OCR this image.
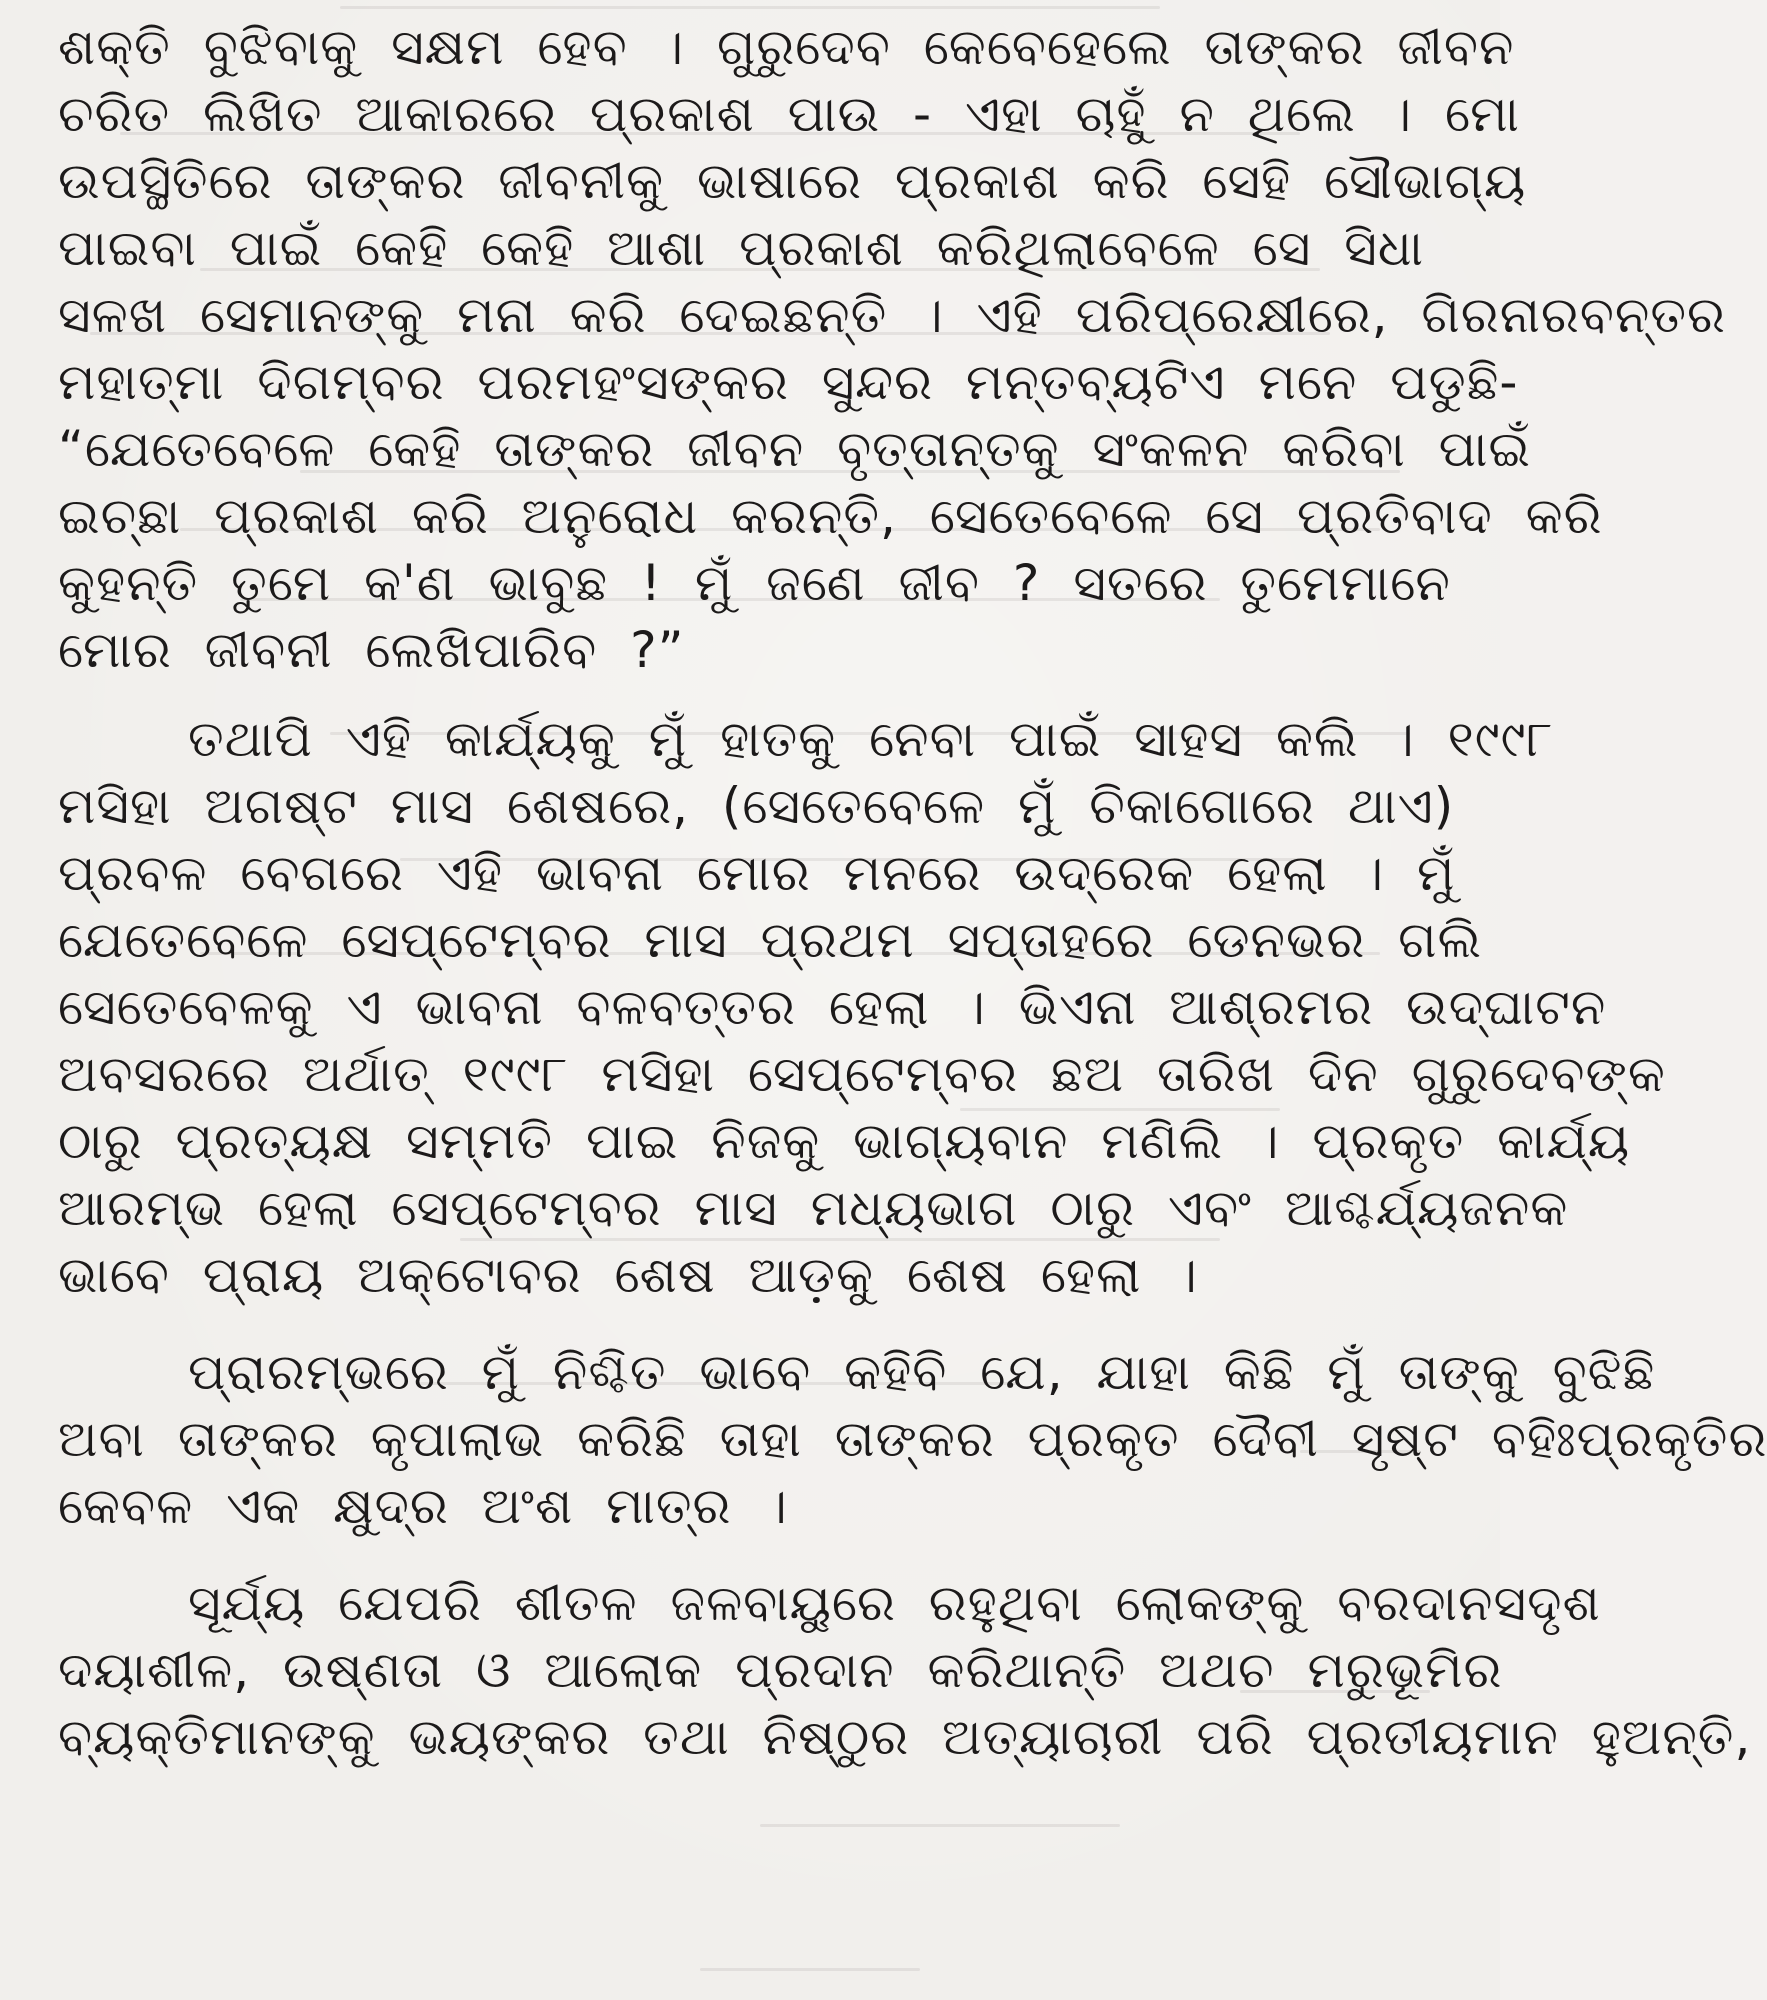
ଶକ୍ତି ବୁଝିବାକୁ ସକ୍ଷମ ହେବ । ଗୁରୁଦେବ କେବେହେଲେ ତାଙ୍କର ଜୀବନ
ଚରିତ ଲିଖିତ ଆକାରରେ ପ୍ରକାଶ ପାଉ - ଏହା ଚାହୁଁ ନ ଥିଲେ । ମୋ
ଉପସ୍ଥିତିରେ ତାଙ୍କର ଜୀବନୀକୁ ଭାଷାରେ ପ୍ରକାଶ କରି ସେହି ସୌଭାଗ୍ୟ
ପାଇବା ପାଇଁ କେହି କେହି ଆଶା ପ୍ରକାଶ କରିଥିଲାବେଳେ ସେ ସିଧା
ସଳଖ ସେମାନଙ୍କୁ ମନା କରି ଦେଇଛନ୍ତି । ଏହି ପରିପ୍ରେକ୍ଷୀରେ, ଗିରନାରବନ୍ତର
ମହାତ୍ମା ଦିଗମ୍ବର ପରମହଂସଙ୍କର ସୁନ୍ଦର ମନ୍ତବ୍ୟଟିଏ ମନେ ପଡୁଛି-
“ଯେତେବେଳେ କେହି ତାଙ୍କର ଜୀବନ ବୃତ୍ତାନ୍ତକୁ ସଂକଳନ କରିବା ପାଇଁ
ଇଚ୍ଛା ପ୍ରକାଶ କରି ଅନୁରୋଧ କରନ୍ତି, ସେତେବେଳେ ସେ ପ୍ରତିବାଦ କରି
କୁହନ୍ତି ତୁମେ କ'ଣ ଭାବୁଛ ! ମୁଁ ଜଣେ ଜୀବ ? ସତରେ ତୁମେମାନେ
ମୋର ଜୀବନୀ ଲେଖିପାରିବ ?”
ତଥାପି ଏହି କାର୍ଯ୍ୟକୁ ମୁଁ ହାତକୁ ନେବା ପାଇଁ ସାହସ କଲି । ୧୯୯୮
ମସିହା ଅଗଷ୍ଟ ମାସ ଶେଷରେ, (ସେତେବେଳେ ମୁଁ ଚିକାଗୋରେ ଥାଏ)
ପ୍ରବଳ ବେଗରେ ଏହି ଭାବନା ମୋର ମନରେ ଉଦ୍ରେକ ହେଲା । ମୁଁ
ଯେତେବେଳେ ସେପ୍ଟେମ୍ବର ମାସ ପ୍ରଥମ ସପ୍ତାହରେ ଡେନଭର ଗଲି
ସେତେବେଳକୁ ଏ ଭାବନା ବଳବତ୍ତର ହେଲା । ଭିଏନା ଆଶ୍ରମର ଉଦ୍‌ଘାଟନ
ଅବସରରେ ଅର୍ଥାତ୍ ୧୯୯୮ ମସିହା ସେପ୍ଟେମ୍ବର ଛଅ ତାରିଖ ଦିନ ଗୁରୁଦେବଙ୍କ
ଠାରୁ ପ୍ରତ୍ୟକ୍ଷ ସମ୍ମତି ପାଇ ନିଜକୁ ଭାଗ୍ୟବାନ ମଣିଲି । ପ୍ରକୃତ କାର୍ଯ୍ୟ
ଆରମ୍ଭ ହେଲା ସେପ୍ଟେମ୍ବର ମାସ ମଧ୍ୟଭାଗ ଠାରୁ ଏବଂ ଆଶ୍ଚର୍ଯ୍ୟଜନକ
ଭାବେ ପ୍ରାୟ ଅକ୍ଟୋବର ଶେଷ ଆଡ଼କୁ ଶେଷ ହେଲା ।
ପ୍ରାରମ୍ଭରେ ମୁଁ ନିଶ୍ଚିତ ଭାବେ କହିବି ଯେ, ଯାହା କିଛି ମୁଁ ତାଙ୍କୁ ବୁଝିଛି
ଅବା ତାଙ୍କର କୃପାଲାଭ କରିଛି ତାହା ତାଙ୍କର ପ୍ରକୃତ ଦୈବୀ ସୃଷ୍ଟ ବହିଃପ୍ରକୃତିର
କେବଳ ଏକ କ୍ଷୁଦ୍ର ଅଂଶ ମାତ୍ର ।
ସୂର୍ଯ୍ୟ ଯେପରି ଶୀତଳ ଜଳବାୟୁରେ ରହୁଥିବା ଲୋକଙ୍କୁ ବରଦାନସଦୃଶ
ଦୟାଶୀଳ, ଉଷ୍ଣତା ଓ ଆଲୋକ ପ୍ରଦାନ କରିଥାନ୍ତି ଅଥଚ ମରୁଭୂମିର
ବ୍ୟକ୍ତିମାନଙ୍କୁ ଭୟଙ୍କର ତଥା ନିଷ୍ଠୁର ଅତ୍ୟାଚାରୀ ପରି ପ୍ରତୀୟମାନ ହୁଅନ୍ତି,
